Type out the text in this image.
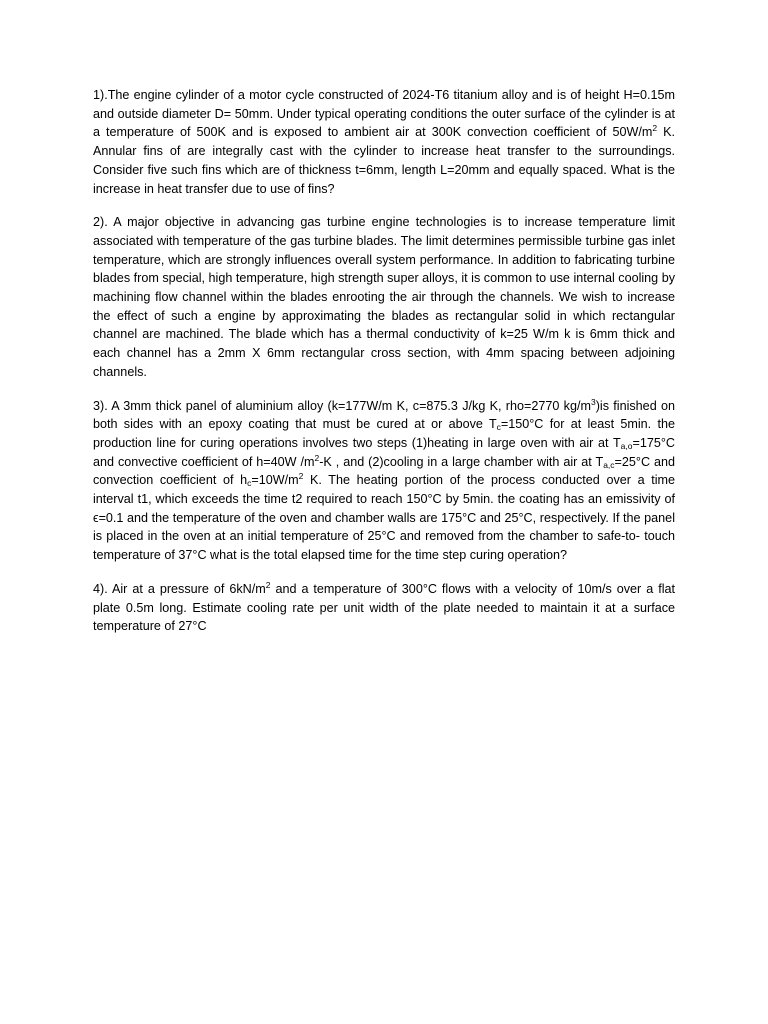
1).The engine cylinder of a motor cycle constructed of 2024-T6 titanium alloy and is of height H=0.15m and outside diameter D= 50mm. Under typical operating conditions the outer surface of the cylinder is at a temperature of 500K and is exposed to ambient air at 300K convection coefficient of $50W/m^2$ K. Annular fins of are integrally cast with the cylinder to increase heat transfer to the surroundings. Consider five such fins which are of thickness t=6mm, length L=20mm and equally spaced. What is the increase in heat transfer due to use of fins?

2). A major objective in advancing gas turbine engine technologies is to increase temperature limit associated with temperature of the gas turbine blades. The limit determines permissible turbine gas inlet temperature, which are strongly influences overall system performance. In addition to fabricating turbine blades from special, high temperature, high strength super alloys, it is common to use internal cooling by machining flow channel within the blades enrooting the air through the channels. We wish to increase the effect of such a engine by approximating the blades as rectangular solid in which rectangular channel are machined. The blade which has a thermal conductivity of k=25 W/m k is 6mm thick and each channel has a 2mm X 6mm rectangular cross section, with 4mm spacing between adjoining channels.

3). A 3mm thick panel of aluminium alloy (k=177W/m K, c=875.3 J/kg K, rho=2770 $kg/m^3)is$ finished on both sides with an epoxy coating that must be cured at or above $T_c=150^\circ C$ for at least 5min. the production line for curing operations involves two steps (1)heating in large oven with air at $T_{a,o}=175^\circ C$ and convective coefficient of h=40W $/m^2-K$ , and (2)cooling in a large chamber with air at $T_{a,c}=25^\circ C$ and convection coefficient of $h_c=10W/m^2$ K. The heating portion of the process conducted over a time interval t1, which exceeds the time t2 required to reach 150°C by 5min. the coating has an emissivity of ϵ=0.1 and the temperature of the oven and chamber walls are 175°C and 25°C, respectively. If the panel is placed in the oven at an initial temperature of 25°C and removed from the chamber to safe-to- touch temperature of 37°C what is the total elapsed time for the time step curing operation?

4). Air at a pressure of $6kN/m^2$ and a temperature of 300°C flows with a velocity of 10m/s over a flat plate 0.5m long. Estimate cooling rate per unit width of the plate needed to maintain it at a surface temperature of 27°C
